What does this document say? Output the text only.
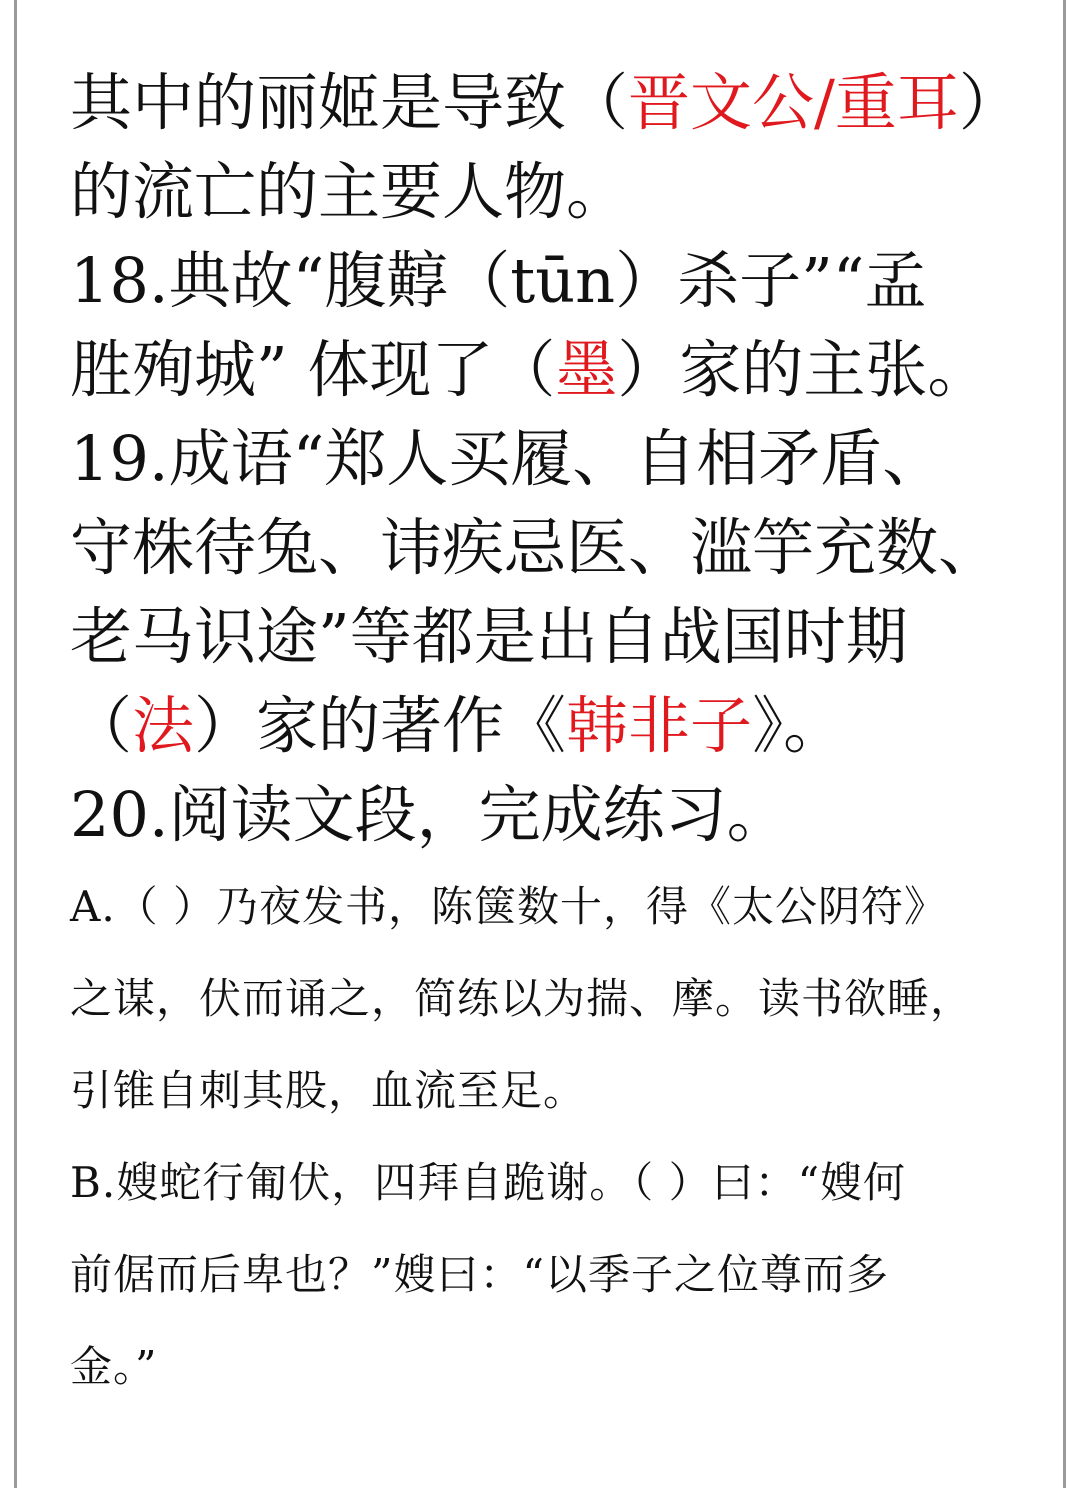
其中的丽姬是导致（晋文公/重耳）
的流亡的主要人物。
18.典故“腹䵍（tūn）杀子”“孟
胜殉城” 体现了（墨）家的主张。
19.成语“郑人买履、自相矛盾、
守株待兔、讳疾忌医、滥竽充数、
老马识途”等都是出自战国时期
（法）家的著作《韩非子》。
20.阅读文段，完成练习。
A.（ ）乃夜发书，陈箧数十，得《太公阴符》
之谋，伏而诵之，简练以为揣、摩。读书欲睡，
引锥自刺其股，血流至足。
B.嫂蛇行匍伏，四拜自跪谢。（ ）曰：“嫂何
前倨而后卑也？”嫂曰：“以季子之位尊而多
金。”
